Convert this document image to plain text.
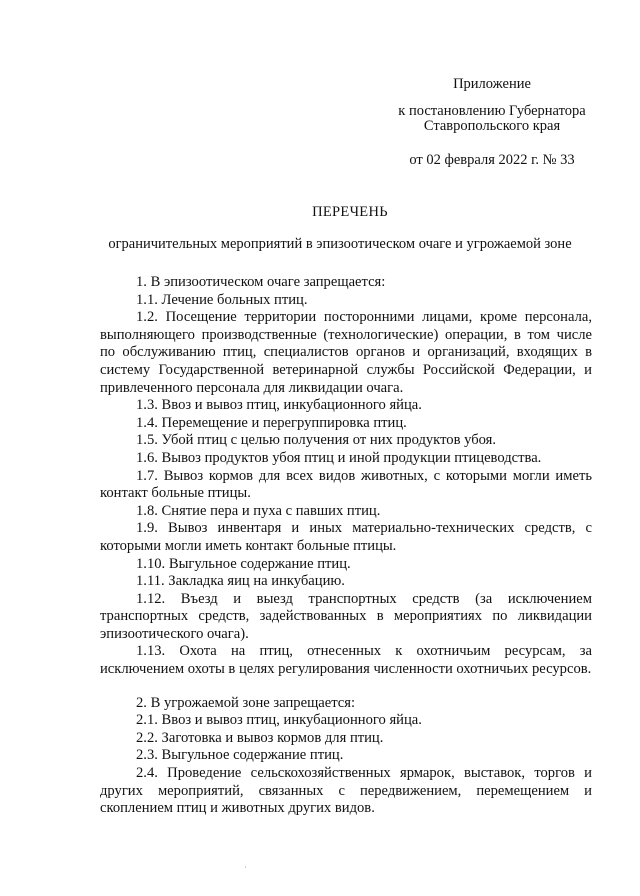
Приложение
к постановлению Губернатора
Ставропольского края
от 02 февраля 2022 г. № 33
ПЕРЕЧЕНЬ
ограничительных мероприятий в эпизоотическом очаге и угрожаемой зоне

1. В эпизоотическом очаге запрещается:

1.1. Лечение больных птиц.

1.2. Посещение территории посторонними лицами, кроме персонала, выполняющего производственные (технологические) операции, в том числе по обслуживанию птиц, специалистов органов и организаций, входящих в систему Государственной ветеринарной службы Российской Федерации, и привлеченного персонала для ликвидации очага.

1.3. Ввоз и вывоз птиц, инкубационного яйца.

1.4. Перемещение и перегруппировка птиц.

1.5. Убой птиц с целью получения от них продуктов убоя.

1.6. Вывоз продуктов убоя птиц и иной продукции птицеводства.

1.7. Вывоз кормов для всех видов животных, с которыми могли иметь контакт больные птицы.

1.8. Снятие пера и пуха с павших птиц.

1.9. Вывоз инвентаря и иных материально-технических средств, с которыми могли иметь контакт больные птицы.

1.10. Выгульное содержание птиц.

1.11. Закладка яиц на инкубацию.

1.12. Въезд и выезд транспортных средств (за исключением транспортных средств, задействованных в мероприятиях по ликвидации эпизоотического очага).

1.13. Охота на птиц, отнесенных к охотничьим ресурсам, за исключением охоты в целях регулирования численности охотничьих ресурсов.

2. В угрожаемой зоне запрещается:

2.1. Ввоз и вывоз птиц, инкубационного яйца.

2.2. Заготовка и вывоз кормов для птиц.

2.3. Выгульное содержание птиц.

2.4. Проведение сельскохозяйственных ярмарок, выставок, торгов и других мероприятий, связанных с передвижением, перемещением и скоплением птиц и животных других видов.

·
